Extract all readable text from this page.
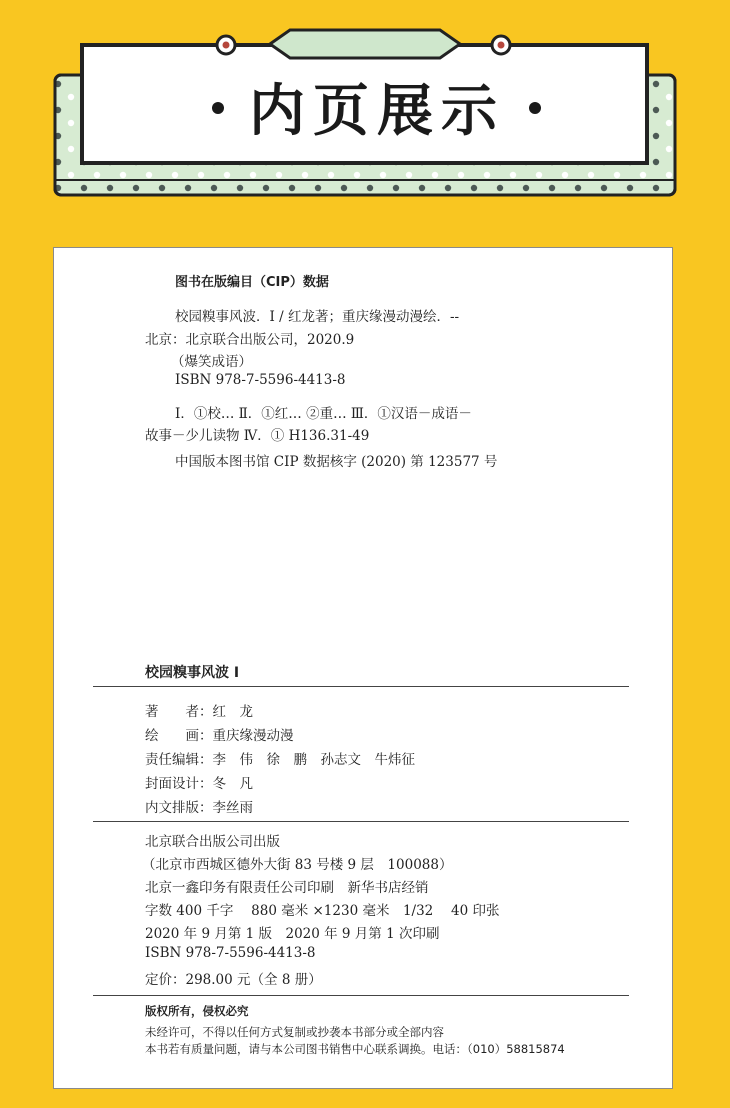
内页展示
图书在版编目（CIP）数据
校园糗事风波．Ⅰ / 红龙著；重庆缘漫动漫绘．--
北京：北京联合出版公司，2020.9
（爆笑成语）
ISBN 978-7-5596-4413-8
Ⅰ．①校… Ⅱ．①红… ②重… Ⅲ．①汉语－成语－
故事－少儿读物 Ⅳ．① H136.31-49
中国版本图书馆 CIP 数据核字 (2020) 第 123577 号
校园糗事风波 Ⅰ
著　　者：红　龙
绘　　画：重庆缘漫动漫
责任编辑：李　伟　徐　鹏　孙志文　牛炜征
封面设计：冬　凡
内文排版：李丝雨
北京联合出版公司出版
（北京市西城区德外大街 83 号楼 9 层　100088）
北京一鑫印务有限责任公司印刷　新华书店经销
字数 400 千字　 880 毫米 ×1230 毫米　1/32　 40 印张
2020 年 9 月第 1 版　2020 年 9 月第 1 次印刷
ISBN 978-7-5596-4413-8
定价：298.00 元（全 8 册）
版权所有，侵权必究
未经许可，不得以任何方式复制或抄袭本书部分或全部内容
本书若有质量问题，请与本公司图书销售中心联系调换。电话：（010）58815874
